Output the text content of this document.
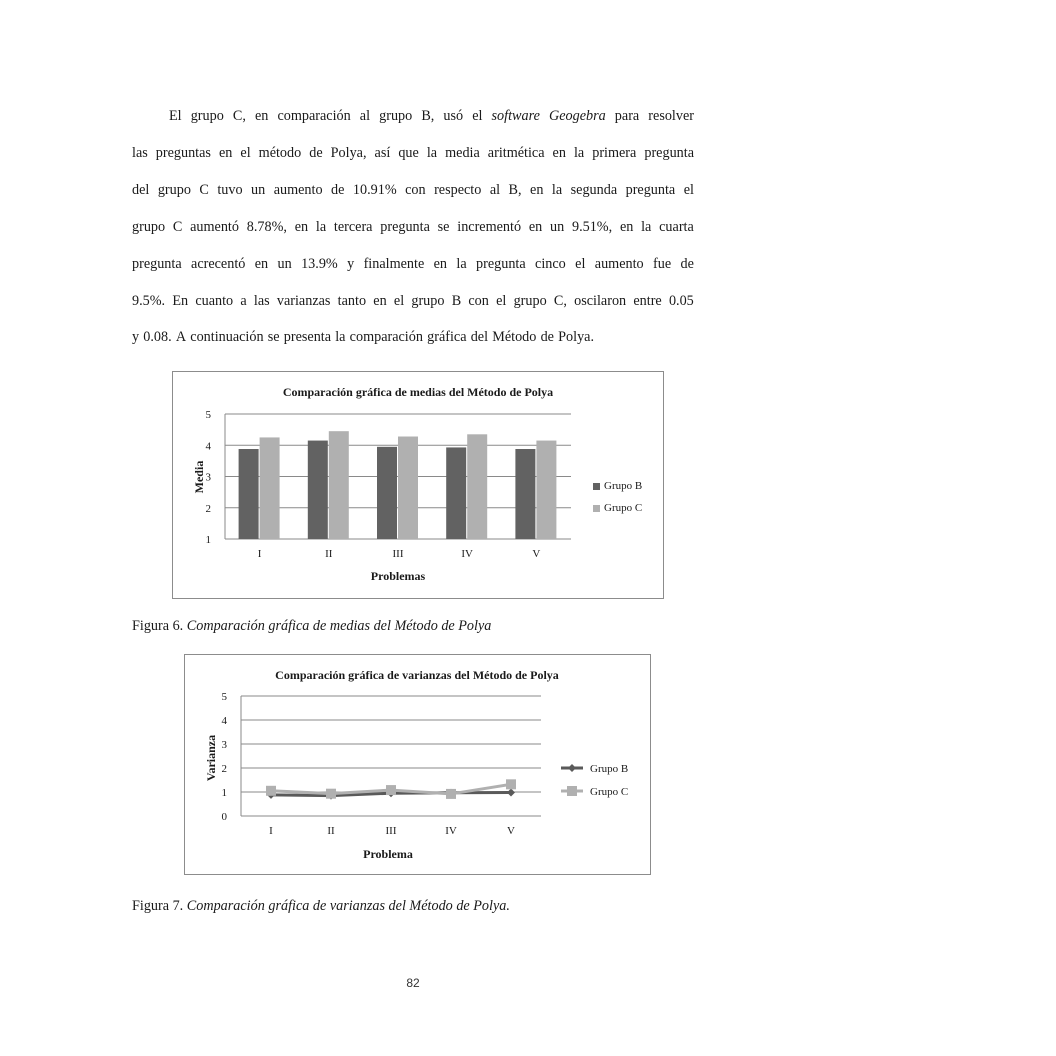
El grupo C, en comparación al grupo B, usó el software Geogebra para resolver
las preguntas en el método de Polya, así que la media aritmética en la primera pregunta
del grupo C tuvo un aumento de 10.91% con respecto al B, en la segunda pregunta el
grupo C aumentó 8.78%, en la tercera pregunta se incrementó en un 9.51%, en la cuarta
pregunta acrecentó en un 13.9% y finalmente en la pregunta cinco el aumento fue de
9.5%. En cuanto a las varianzas tanto en el grupo B con el grupo C, oscilaron entre 0.05
y 0.08. A continuación se presenta la comparación gráfica del Método de Polya.
Comparación gráfica de medias del Método de Polya
1
2
3
4
5
I	II	III	IV	V
Problemas
Media	Grupo B
Grupo C
Figura 6. Comparación gráfica de medias del Método de Polya
Comparación gráfica de varianzas del Método de Polya
0
1
2
3
4
5
I	II	III	IV	V
Problema
Varianza	Grupo B
Grupo C
Figura 7. Comparación gráfica de varianzas del Método de Polya.
82
